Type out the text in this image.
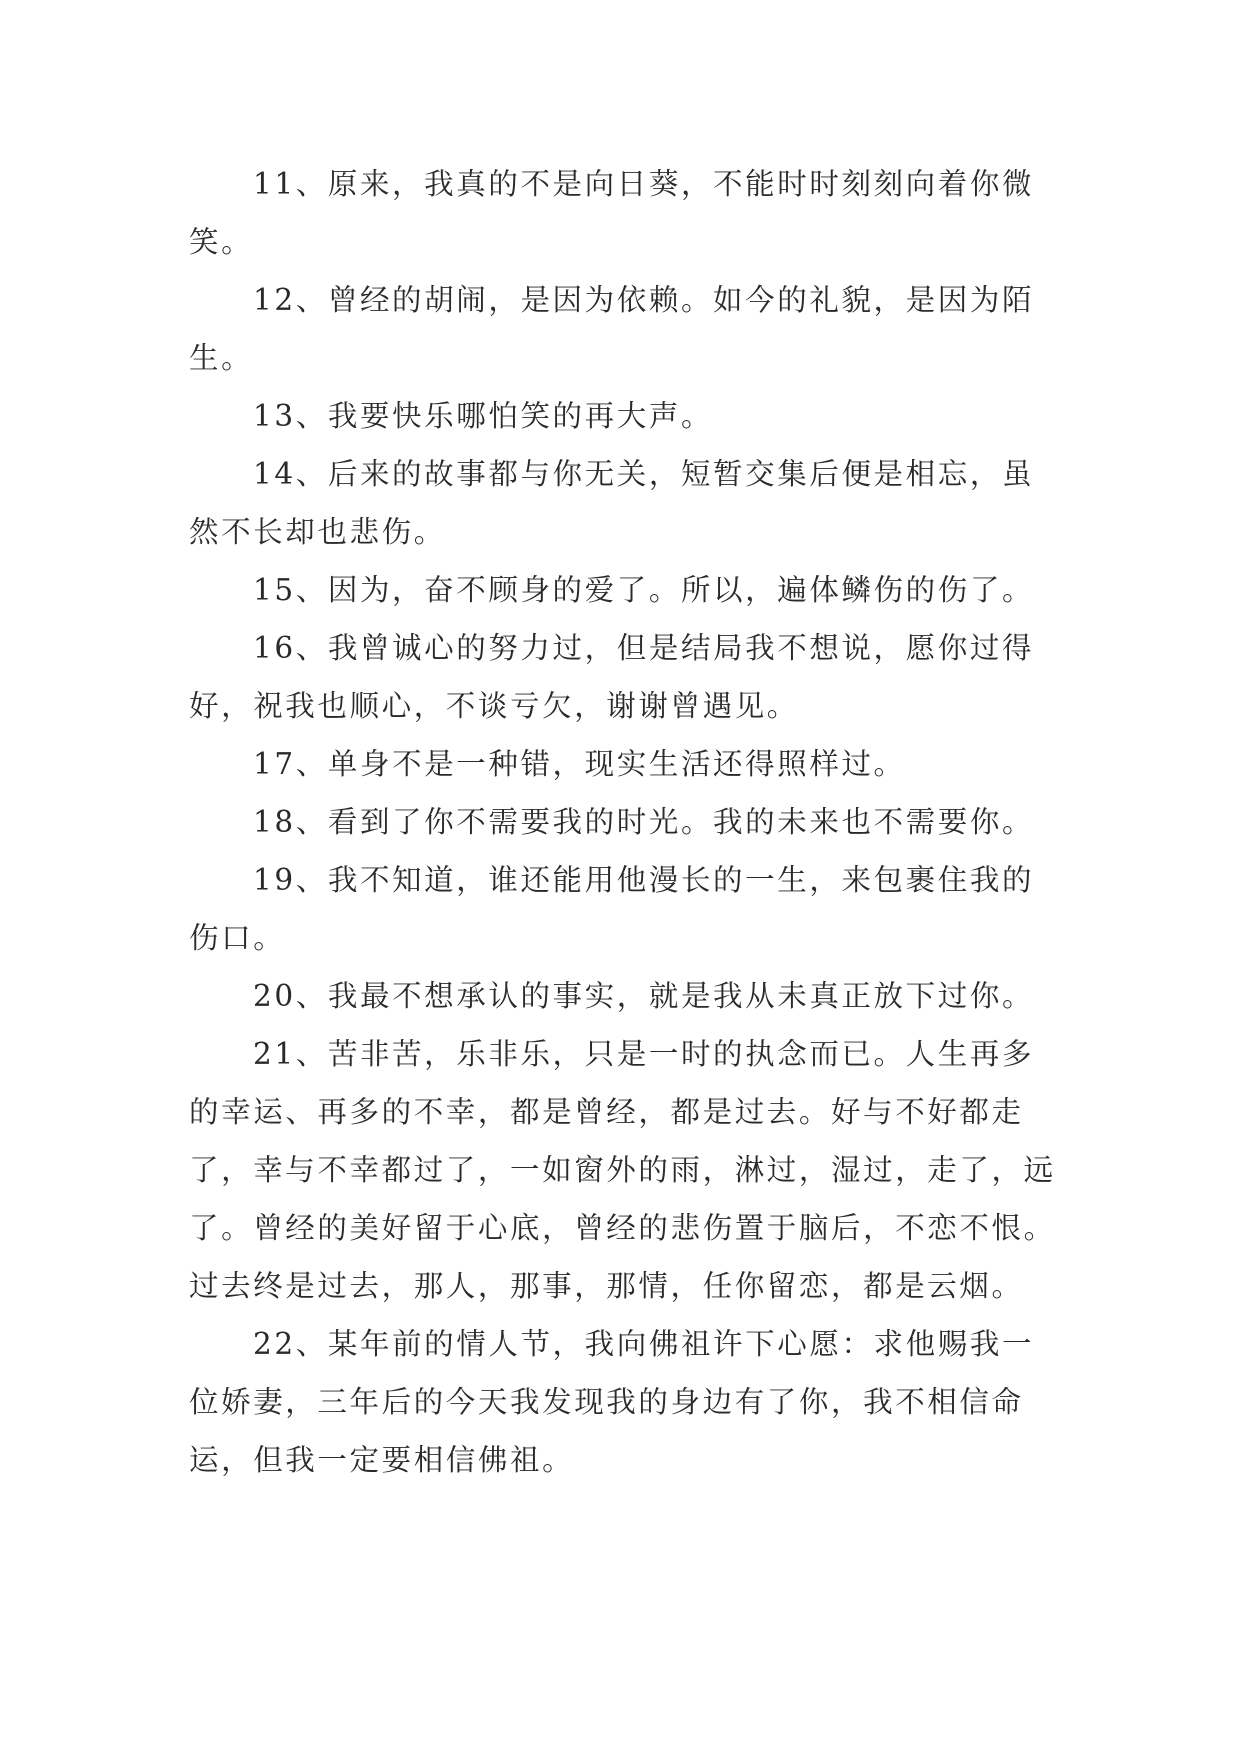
11、原来，我真的不是向日葵，不能时时刻刻向着你微笑。

12、曾经的胡闹，是因为依赖。如今的礼貌，是因为陌生。

13、我要快乐哪怕笑的再大声。

14、后来的故事都与你无关，短暂交集后便是相忘，虽然不长却也悲伤。

15、因为，奋不顾身的爱了。所以，遍体鳞伤的伤了。

16、我曾诚心的努力过，但是结局我不想说，愿你过得好，祝我也顺心，不谈亏欠，谢谢曾遇见。

17、单身不是一种错，现实生活还得照样过。

18、看到了你不需要我的时光。我的未来也不需要你。

19、我不知道，谁还能用他漫长的一生，来包裹住我的伤口。

20、我最不想承认的事实，就是我从未真正放下过你。

21、苦非苦，乐非乐，只是一时的执念而已。人生再多的幸运、再多的不幸，都是曾经，都是过去。好与不好都走了，幸与不幸都过了，一如窗外的雨，淋过，湿过，走了，远了。曾经的美好留于心底，曾经的悲伤置于脑后，不恋不恨。过去终是过去，那人，那事，那情，任你留恋，都是云烟。

22、某年前的情人节，我向佛祖许下心愿：求他赐我一位娇妻，三年后的今天我发现我的身边有了你，我不相信命运，但我一定要相信佛祖。
